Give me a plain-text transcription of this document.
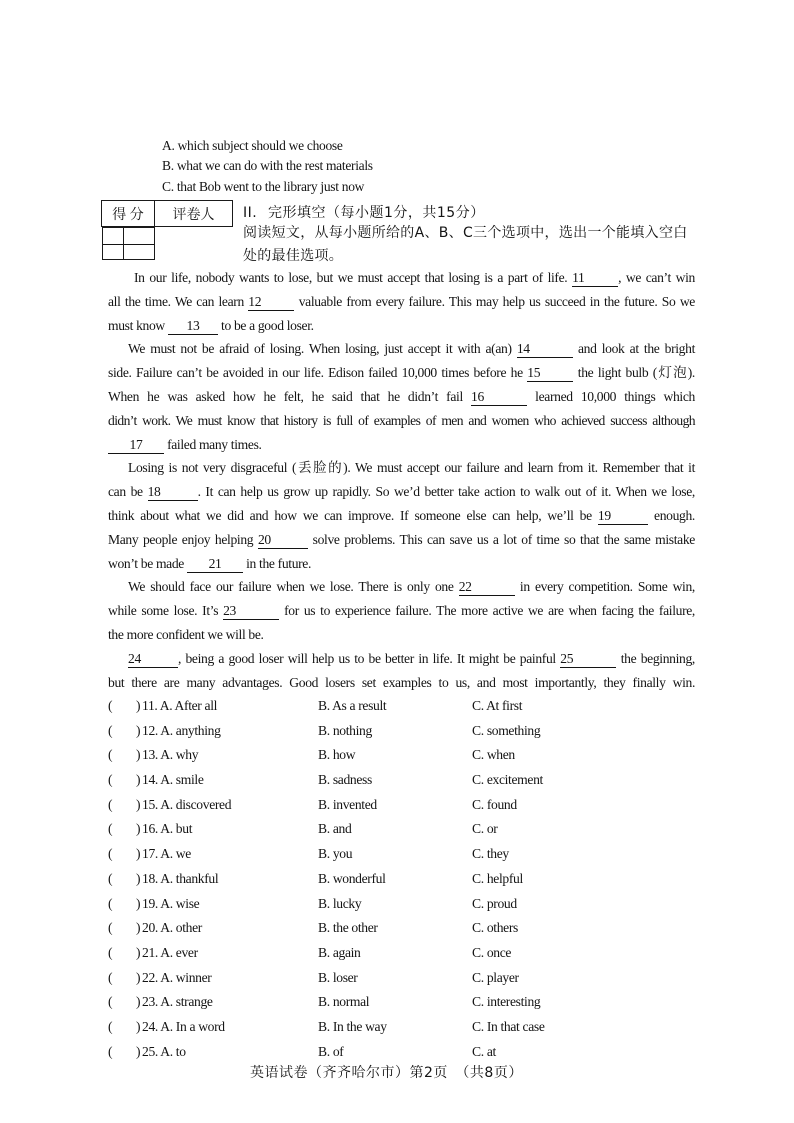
A. which subject should we choose
B. what we can do with the rest materials
C. that Bob went to the library just now
得 分	评卷人
	II. 完形填空（每小题1分，共15分）
阅读短文，从每小题所给的A、B、C三个选项中，选出一个能填入空白处的最佳选项。
In our life, nobody wants to lose, but we must accept that losing is a part of life. 11 , we can’t win
all the time. We can learn 12	valuable from every failure. This may help us succeed in the future. So we
must know 13 to be a good loser.
We must not be afraid of losing. When losing, just accept it with a(an) 14	and look at the bright
side. Failure can’t be avoided in our life. Edison failed 10,000 times before he 15	the light bulb (灯泡).
When he was asked how he felt, he said that he didn’t fail 16	learned 10,000 things which
didn’t work. We must know that history is full of examples of men and women who achieved success although
17 failed many times.
Losing is not very disgraceful (丢脸的). We must accept our failure and learn from it. Remember that it
can be 18	. It can help us grow up rapidly. So we’d better take action to walk out of it. When we lose,
think about what we did and how we can improve. If someone else can help, we’ll be 19	enough.
Many people enjoy helping 20	solve problems. This can save us a lot of time so that the same mistake
won’t be made 21 in the future.
We should face our failure when we lose. There is only one 22	in every competition. Some win,
while some lose. It’s 23	for us to experience failure. The more active we are when facing the failure,
the more confident we will be.
24	, being a good loser will help us to be better in life. It might be painful 25	the beginning,
but there are many advantages. Good losers set examples to us, and most importantly, they finally win.
( ) 11. A. After all	B. As a result	C. At first
( ) 12. A. anything	B. nothing	C. something
( ) 13. A. why	B. how	C. when
( ) 14. A. smile	B. sadness	C. excitement
( ) 15. A. discovered	B. invented	C. found
( ) 16. A. but	B. and	C. or
( ) 17. A. we	B. you	C. they
( ) 18. A. thankful	B. wonderful	C. helpful
( ) 19. A. wise	B. lucky	C. proud
( ) 20. A. other	B. the other	C. others
( ) 21. A. ever	B. again	C. once
( ) 22. A. winner	B. loser	C. player
( ) 23. A. strange	B. normal	C. interesting
( ) 24. A. In a word	B. In the way	C. In that case
( ) 25. A. to	B. of	C. at
英语试卷（齐齐哈尔市）第2页　（共8页）
